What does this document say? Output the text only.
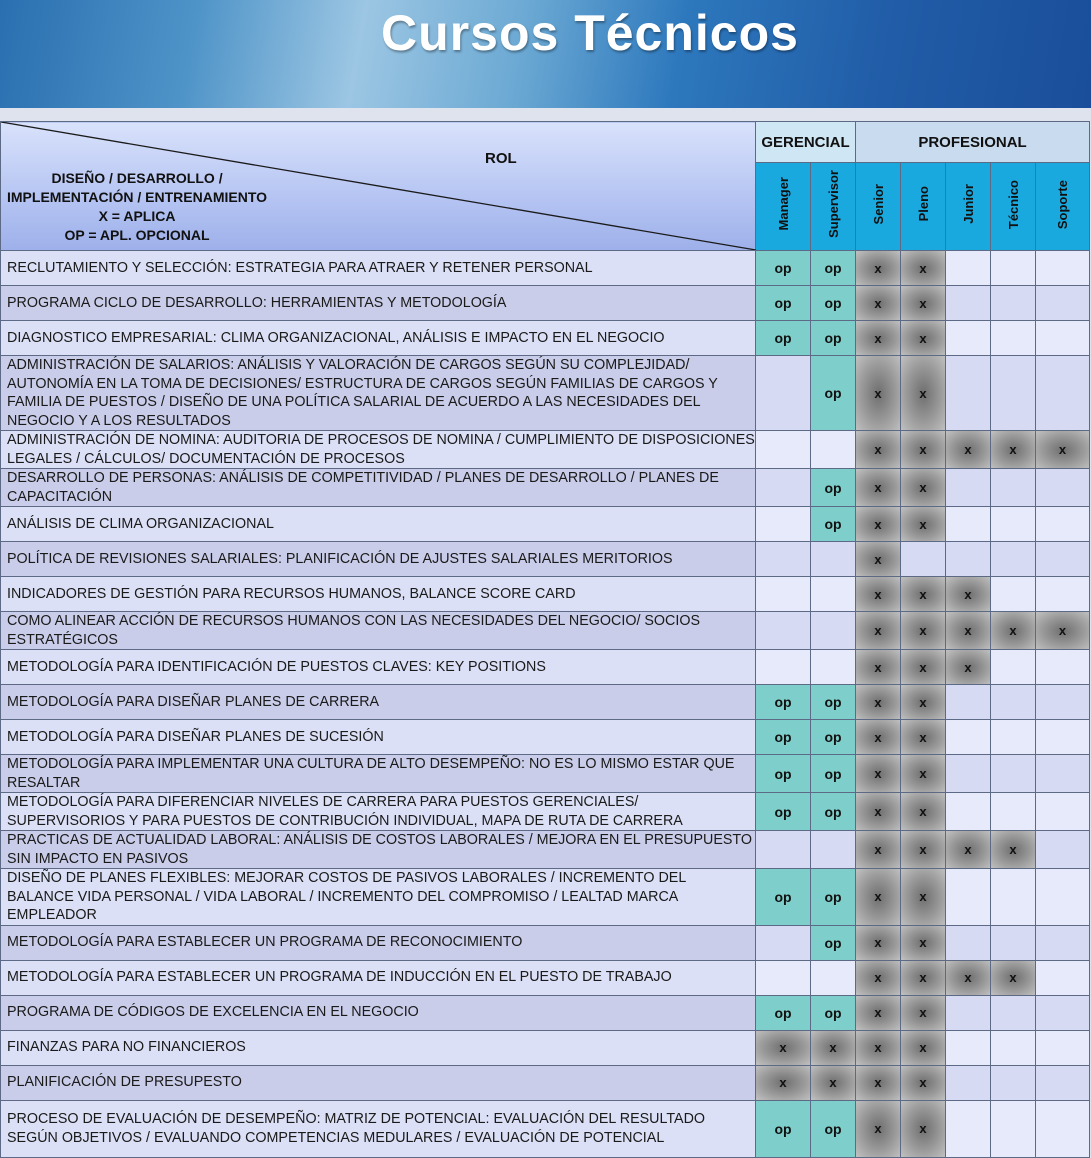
Cursos Técnicos
ROL
DISEÑO / DESARROLLO /
IMPLEMENTACIÓN / ENTRENAMIENTO
X = APLICA
OP = APL. OPCIONAL	GERENCIAL		PROFESIONAL				
	Manager	Supervisor	Senior	Pleno	Junior	Técnico	Soporte
RECLUTAMIENTO Y SELECCIÓN: ESTRATEGIA PARA ATRAER Y RETENER PERSONAL	op	op	x	x			
PROGRAMA CICLO DE DESARROLLO: HERRAMIENTAS Y METODOLOGÍA	op	op	x	x			
DIAGNOSTICO EMPRESARIAL: CLIMA ORGANIZACIONAL, ANÁLISIS E IMPACTO EN EL NEGOCIO	op	op	x	x			
ADMINISTRACIÓN DE SALARIOS: ANÁLISIS Y VALORACIÓN DE CARGOS SEGÚN SU COMPLEJIDAD/ AUTONOMÍA EN LA TOMA DE DECISIONES/ ESTRUCTURA DE CARGOS SEGÚN FAMILIAS DE CARGOS Y FAMILIA DE PUESTOS / DISEÑO DE UNA POLÍTICA SALARIAL DE ACUERDO A LAS NECESIDADES DEL NEGOCIO Y A LOS RESULTADOS		op	x	x			
ADMINISTRACIÓN DE NOMINA: AUDITORIA DE PROCESOS DE NOMINA / CUMPLIMIENTO DE DISPOSICIONES LEGALES / CÁLCULOS/ DOCUMENTACIÓN DE PROCESOS			x	x	x	x	x
DESARROLLO DE PERSONAS: ANÁLISIS DE COMPETITIVIDAD / PLANES DE DESARROLLO / PLANES DE CAPACITACIÓN		op	x	x			
ANÁLISIS DE CLIMA ORGANIZACIONAL		op	x	x			
POLÍTICA DE REVISIONES SALARIALES: PLANIFICACIÓN DE AJUSTES SALARIALES MERITORIOS			x				
INDICADORES DE GESTIÓN PARA RECURSOS HUMANOS, BALANCE SCORE CARD			x	x	x		
COMO ALINEAR ACCIÓN DE RECURSOS HUMANOS CON LAS NECESIDADES DEL NEGOCIO/ SOCIOS ESTRATÉGICOS			x	x	x	x	x
METODOLOGÍA PARA IDENTIFICACIÓN DE PUESTOS CLAVES: KEY POSITIONS			x	x	x		
METODOLOGÍA PARA DISEÑAR PLANES DE CARRERA	op	op	x	x			
METODOLOGÍA PARA DISEÑAR PLANES DE SUCESIÓN	op	op	x	x			
METODOLOGÍA PARA IMPLEMENTAR UNA CULTURA DE ALTO DESEMPEÑO: NO ES LO MISMO ESTAR QUE RESALTAR	op	op	x	x			
METODOLOGÍA PARA DIFERENCIAR NIVELES DE CARRERA PARA PUESTOS GERENCIALES/ SUPERVISORIOS Y PARA PUESTOS DE CONTRIBUCIÓN INDIVIDUAL, MAPA DE RUTA DE CARRERA	op	op	x	x			
PRACTICAS DE ACTUALIDAD LABORAL: ANÁLISIS DE COSTOS LABORALES / MEJORA EN EL PRESUPUESTO SIN IMPACTO EN PASIVOS			x	x	x	x	
DISEÑO DE PLANES FLEXIBLES: MEJORAR COSTOS DE PASIVOS LABORALES / INCREMENTO DEL BALANCE VIDA PERSONAL / VIDA LABORAL / INCREMENTO DEL COMPROMISO / LEALTAD MARCA EMPLEADOR	op	op	x	x			
METODOLOGÍA PARA ESTABLECER UN PROGRAMA DE RECONOCIMIENTO		op	x	x			
METODOLOGÍA PARA ESTABLECER UN PROGRAMA DE INDUCCIÓN EN EL PUESTO DE TRABAJO			x	x	x	x	
PROGRAMA DE CÓDIGOS DE EXCELENCIA EN EL NEGOCIO	op	op	x	x			
FINANZAS PARA NO FINANCIEROS	x	x	x	x			
PLANIFICACIÓN DE PRESUPESTO	x	x	x	x			
PROCESO DE EVALUACIÓN DE DESEMPEÑO: MATRIZ DE POTENCIAL: EVALUACIÓN DEL RESULTADO SEGÚN OBJETIVOS / EVALUANDO COMPETENCIAS MEDULARES / EVALUACIÓN DE POTENCIAL	op	op	x	x			
